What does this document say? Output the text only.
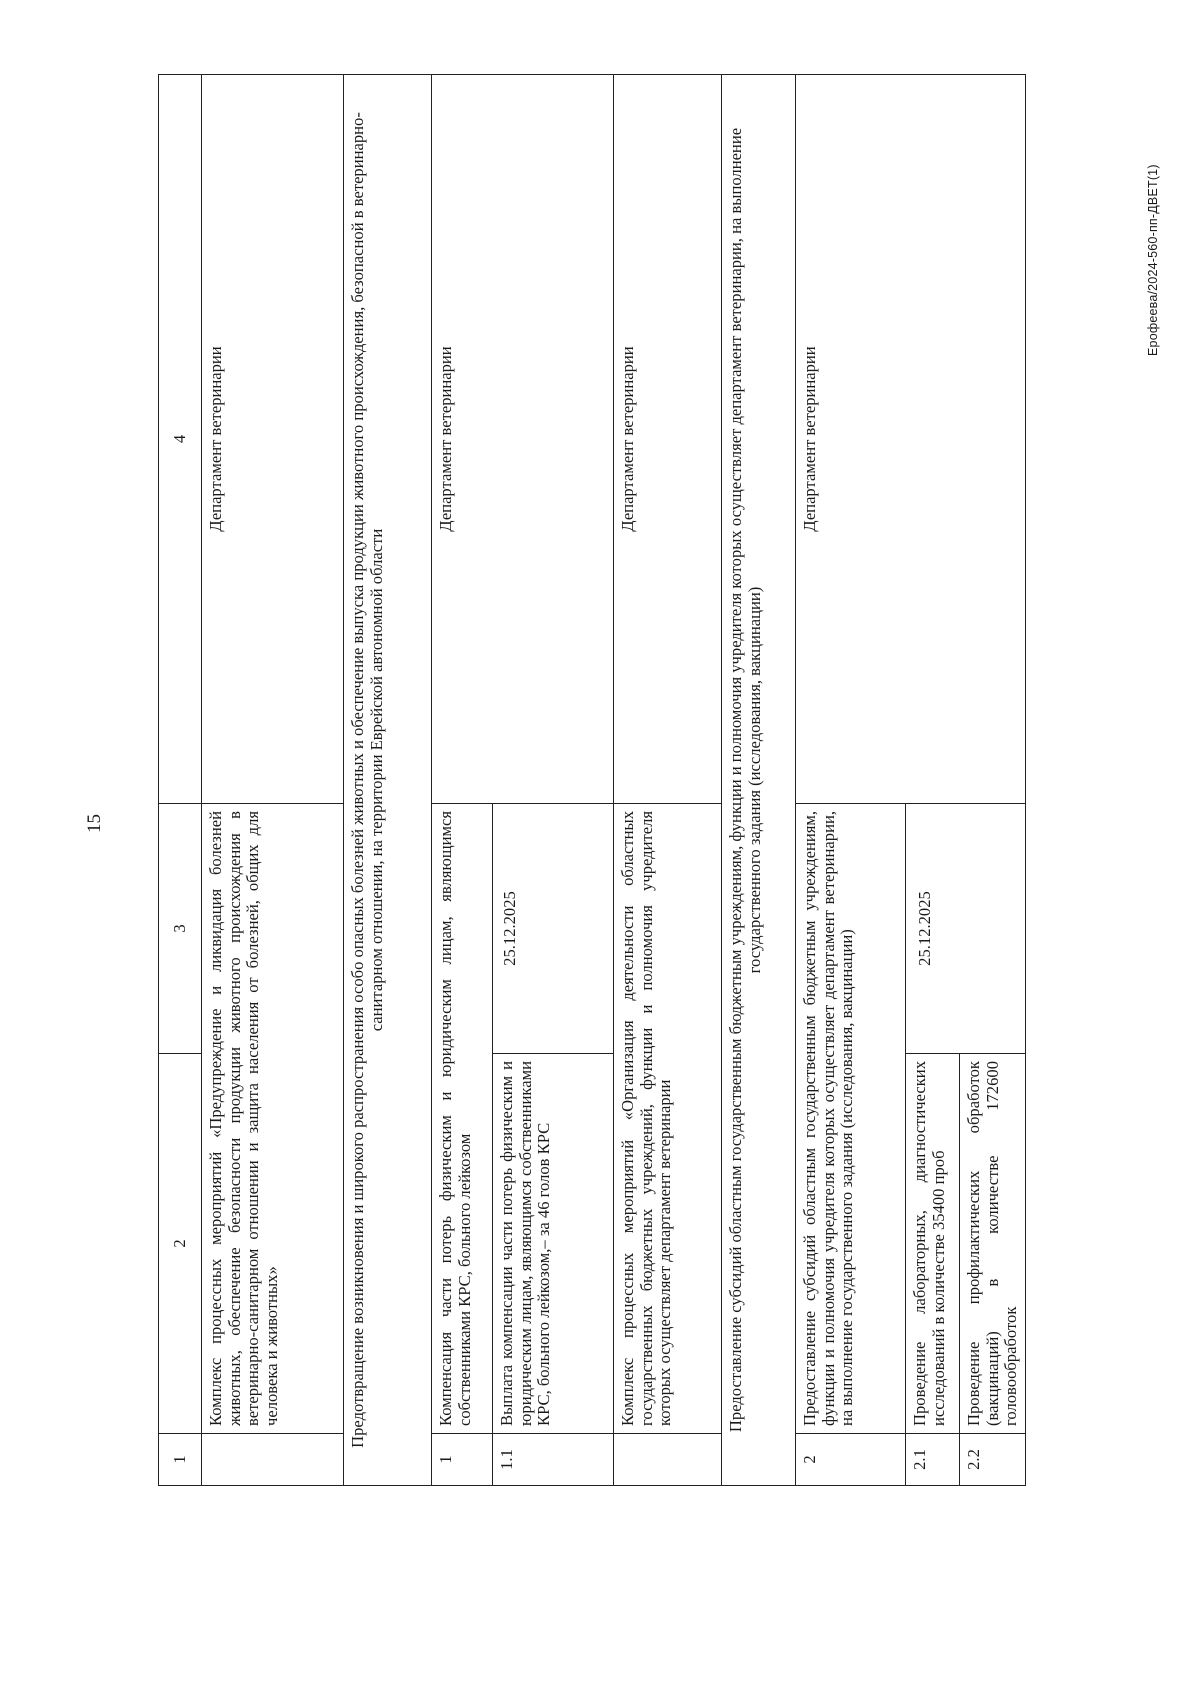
15
1	2	3	4
	Комплекс процессных мероприятий «Предупреждение и ликвидация болезней животных, обеспечение безопасности продукции животного происхождения в ветеринарно-санитарном отношении и защита населения от болезней, общих для человека и животных»		Департамент ветеринарии
Предотвращение возникновения и широкого распространения особо опасных болезней животных и обеспечение выпуска продукции животного происхождения, безопасной в ветеринарно-санитарном отношении, на территории Еврейской автономной области			
1	Компенсация части потерь физическим и юридическим лицам, являющимся собственниками КРС, больного лейкозом		Департамент ветеринарии
1.1	Выплата компенсации части потерь физическим и юридическим лицам, являющимся собственниками КРС, больного лейкозом,– за 46 голов КРС	25.12.2025	
	Комплекс процессных мероприятий «Организация деятельности областных государственных бюджетных учреждений, функции и полномочия учредителя которых осуществляет департамент ветеринарии		Департамент ветеринарии
Предоставление субсидий областным государственным бюджетным учреждениям, функции и полномочия учредителя которых осуществляет департамент ветеринарии, на выполнение государственного задания (исследования, вакцинации)			
2	Предоставление субсидий областным государственным бюджетным учреждениям, функции и полномочия учредителя которых осуществляет департамент ветеринарии, на выполнение государственного задания (исследования, вакцинации)		Департамент ветеринарии
2.1	Проведение лабораторных, диагностических исследований в количестве 35400 проб	25.12.2025	
2.2	Проведение профилактических обработок (вакцинаций) в количестве 172600 головообработок		
Ерофеева/2024-560-пп-ДВЕТ(1)
